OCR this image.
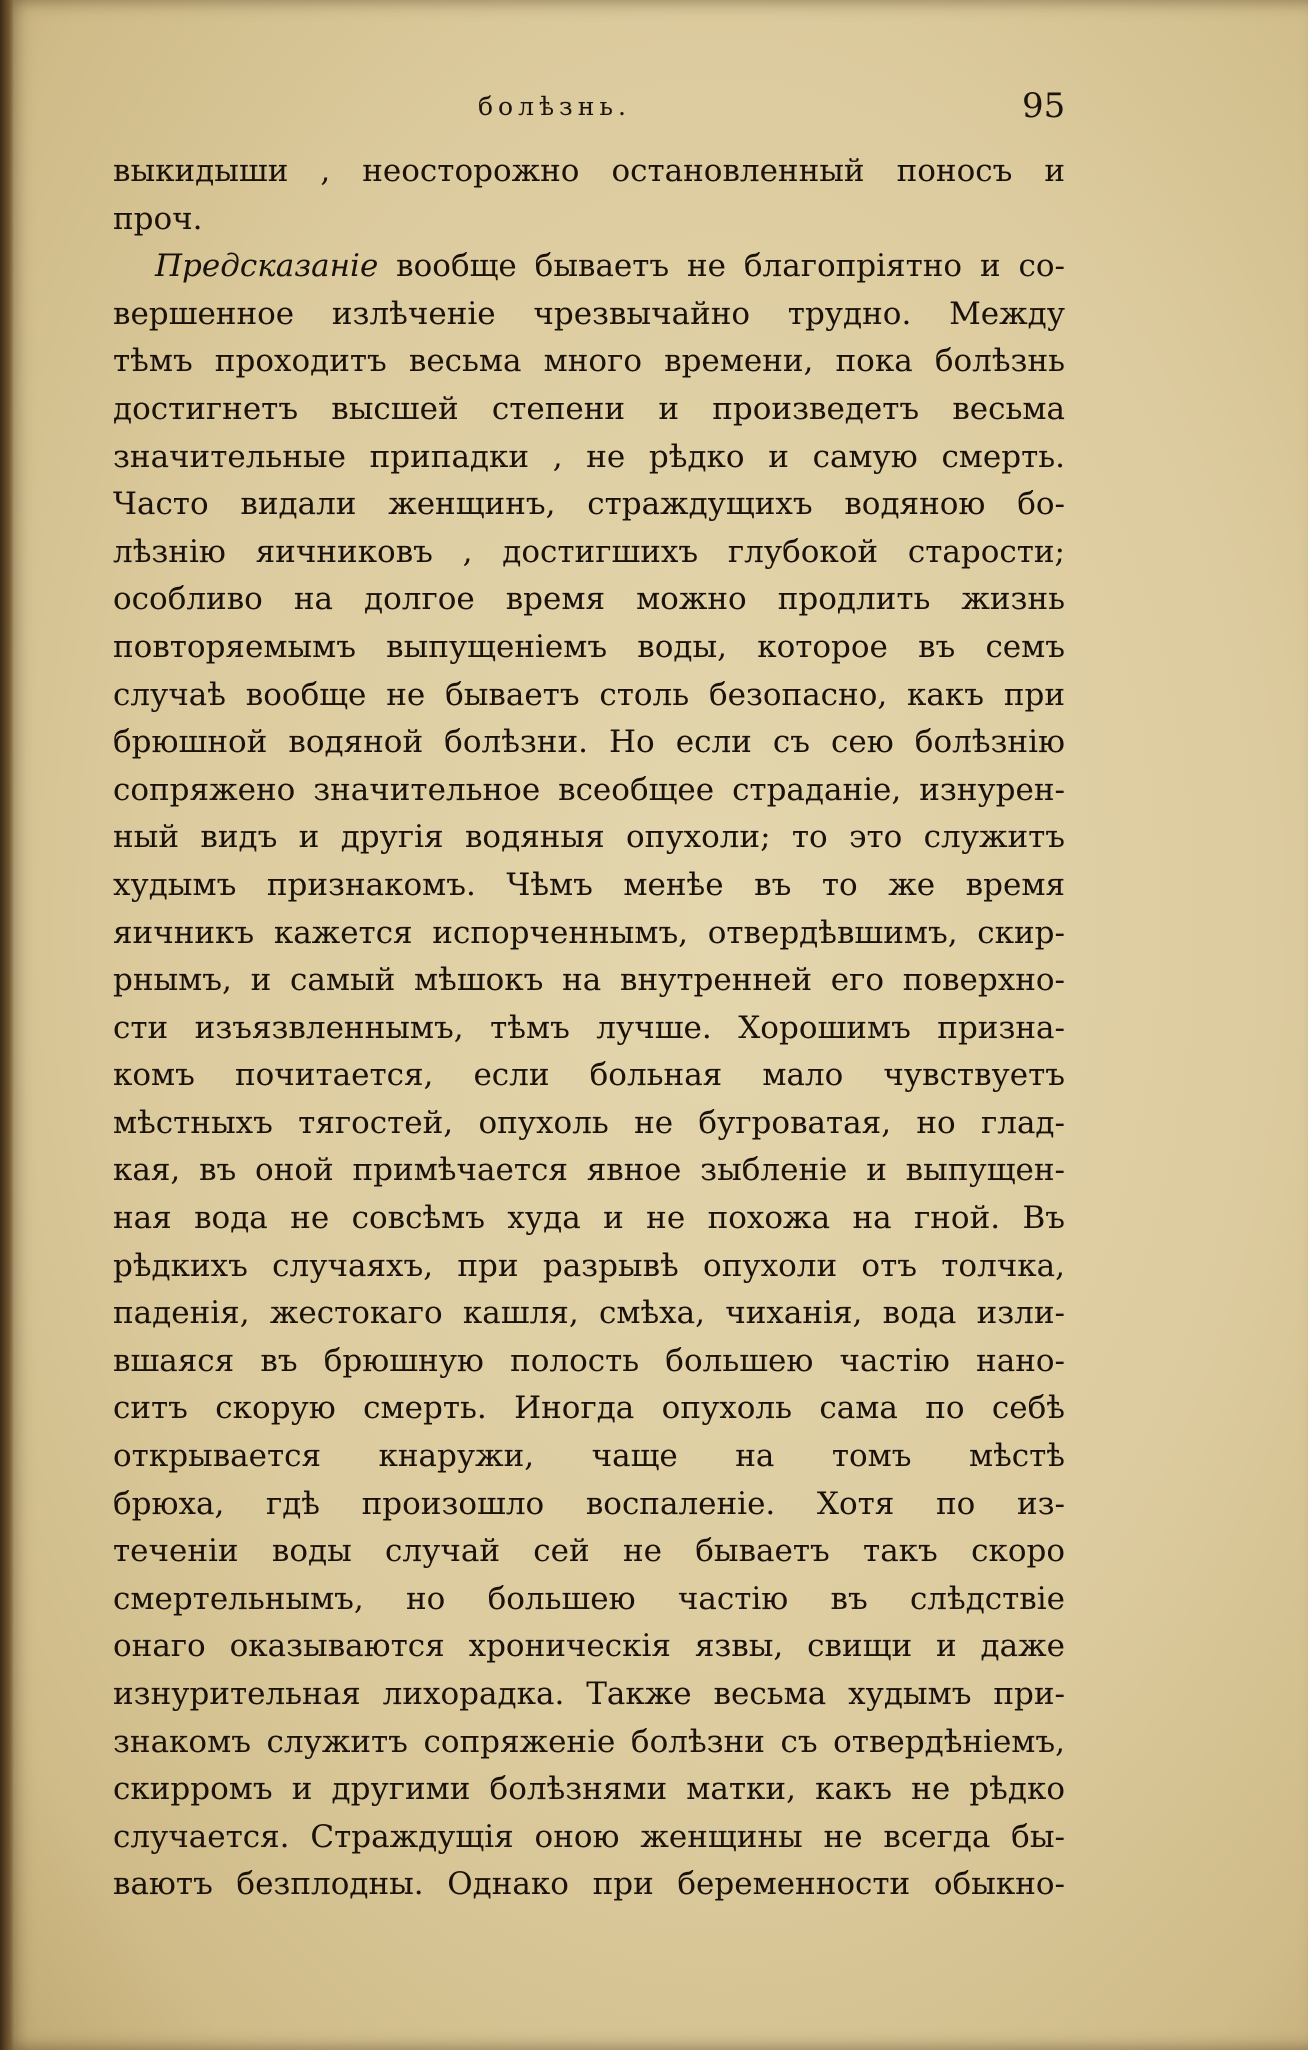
болѣзнь.	95
выкидыши , неосторожно остановленный поносъ и
проч.
Предсказаніе вообще бываетъ не благопріятно и со-
вершенное излѣченіе чрезвычайно трудно. Между
тѣмъ проходитъ весьма много времени, пока болѣзнь
достигнетъ высшей степени и произведетъ весьма
значительные припадки , не рѣдко и самую смерть.
Часто видали женщинъ, страждущихъ водяною бо-
лѣзнію яичниковъ , достигшихъ глубокой старости;
особливо на долгое время можно продлить жизнь
повторяемымъ выпущеніемъ воды, которое въ семъ
случаѣ вообще не бываетъ столь безопасно, какъ при
брюшной водяной болѣзни. Но если съ сею болѣзнію
сопряжено значительное всеобщее страданіе, изнурен-
ный видъ и другія водяныя опухоли; то это служитъ
худымъ признакомъ. Чѣмъ менѣе въ то же время
яичникъ кажется испорченнымъ, отвердѣвшимъ, скир-
рнымъ, и самый мѣшокъ на внутренней его поверхно-
сти изъязвленнымъ, тѣмъ лучше. Хорошимъ призна-
комъ почитается, если больная мало чувствуетъ
мѣстныхъ тягостей, опухоль не бугроватая, но глад-
кая, въ оной примѣчается явное зыбленіе и выпущен-
ная вода не совсѣмъ худа и не похожа на гной. Въ
рѣдкихъ случаяхъ, при разрывѣ опухоли отъ толчка,
паденія, жестокаго кашля, смѣха, чиханія, вода изли-
вшаяся въ брюшную полость большею частію нано-
ситъ скорую смерть. Иногда опухоль сама по себѣ
открывается кнаружи, чаще на томъ мѣстѣ
брюха, гдѣ произошло воспаленіе. Хотя по из-
теченіи воды случай сей не бываетъ такъ скоро
смертельнымъ, но большею частію въ слѣдствіе
онаго оказываются хроническія язвы, свищи и даже
изнурительная лихорадка. Также весьма худымъ при-
знакомъ служитъ сопряженіе болѣзни съ отвердѣніемъ,
скирромъ и другими болѣзнями матки, какъ не рѣдко
случается. Страждущія оною женщины не всегда бы-
ваютъ безплодны. Однако при беременности обыкно-
